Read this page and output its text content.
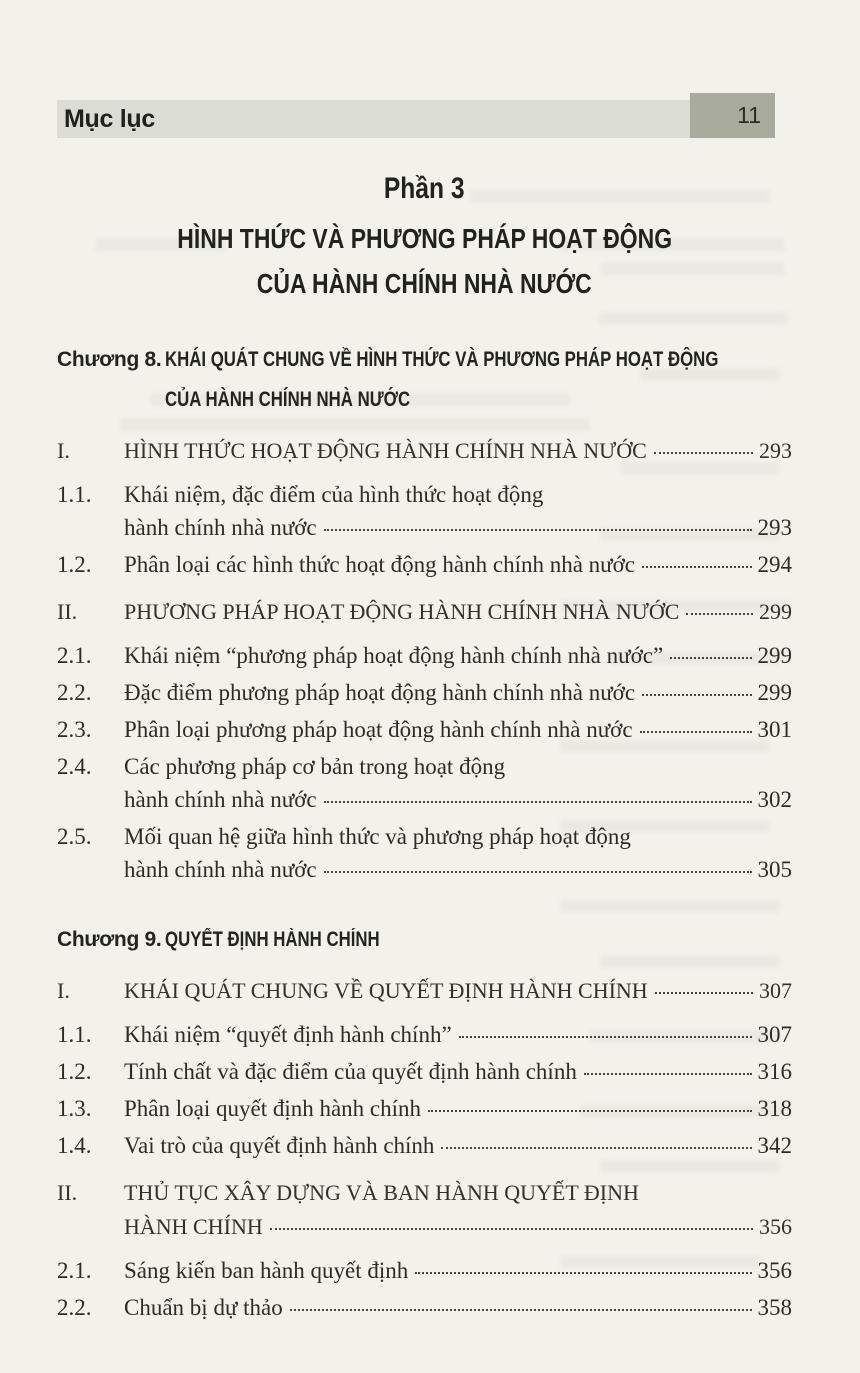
Mục lục	11
Phần 3
HÌNH THỨC VÀ PHƯƠNG PHÁP HOẠT ĐỘNG
CỦA HÀNH CHÍNH NHÀ NƯỚC
Chương 8. KHÁI QUÁT CHUNG VỀ HÌNH THỨC VÀ PHƯƠNG PHÁP HOẠT ĐỘNG
CỦA HÀNH CHÍNH NHÀ NƯỚC
I.	HÌNH THỨC HOẠT ĐỘNG HÀNH CHÍNH NHÀ NƯỚC	293
1.1.	Khái niệm, đặc điểm của hình thức hoạt động
hành chính nhà nước	293
1.2.	Phân loại các hình thức hoạt động hành chính nhà nước	294
II.	PHƯƠNG PHÁP HOẠT ĐỘNG HÀNH CHÍNH NHÀ NƯỚC	299
2.1.	Khái niệm “phương pháp hoạt động hành chính nhà nước”	299
2.2.	Đặc điểm phương pháp hoạt động hành chính nhà nước	299
2.3.	Phân loại phương pháp hoạt động hành chính nhà nước	301
2.4.	Các phương pháp cơ bản trong hoạt động
hành chính nhà nước	302
2.5.	Mối quan hệ giữa hình thức và phương pháp hoạt động
hành chính nhà nước	305
Chương 9. QUYẾT ĐỊNH HÀNH CHÍNH
I.	KHÁI QUÁT CHUNG VỀ QUYẾT ĐỊNH HÀNH CHÍNH	307
1.1.	Khái niệm “quyết định hành chính”	307
1.2.	Tính chất và đặc điểm của quyết định hành chính	316
1.3.	Phân loại quyết định hành chính	318
1.4.	Vai trò của quyết định hành chính	342
II.	THỦ TỤC XÂY DỰNG VÀ BAN HÀNH QUYẾT ĐỊNH
HÀNH CHÍNH	356
2.1.	Sáng kiến ban hành quyết định	356
2.2.	Chuẩn bị dự thảo	358
